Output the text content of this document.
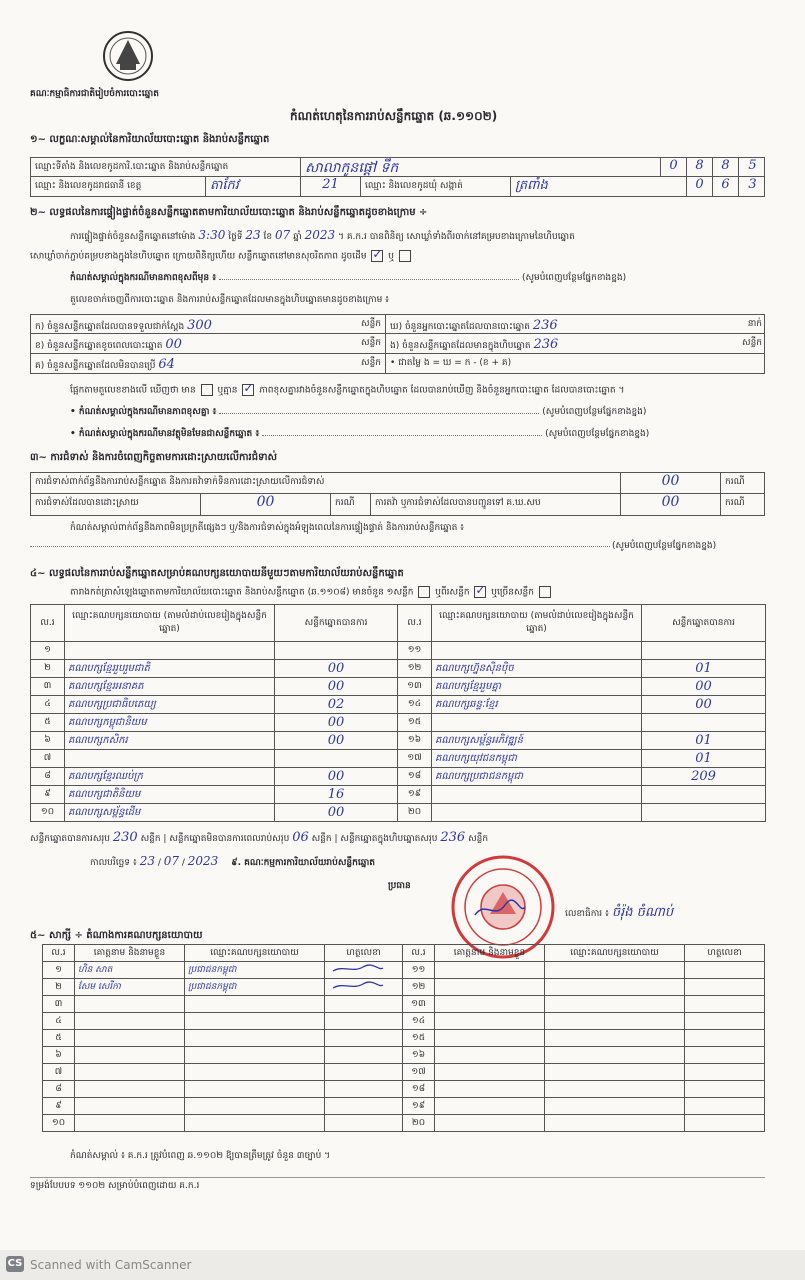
គណៈកម្មាធិការជាតិរៀបចំការបោះឆ្នោត
កំណត់ហេតុនៃការរាប់សន្លឹកឆ្នោត (ឆ.១១០២)
១~ លក្ខណៈសម្គាល់នៃការិយាល័យបោះឆ្នោត និងរាប់សន្លឹកឆ្នោត
ឈ្មោះទីតាំង និងលេខកូដការិ.បោះឆ្នោត និងរាប់សន្លឹកឆ្នោត	សាលាកូនផ្តៅ ទឹក	0	8	8	5
ឈ្មោះ និងលេខកូដរាជធានី ខេត្ត	តាកែវ	21	ឈ្មោះ និងលេខកូដឃុំ សង្កាត់	ត្រពាំង	0	6	3
២~ លទ្ធផលនៃការផ្ទៀងផ្ទាត់ចំនួនសន្លឹកឆ្នោតតាមការិយាល័យបោះឆ្នោត និងរាប់សន្លឹកឆ្នោតដូចខាងក្រោម ÷
ការផ្ទៀងផ្ទាត់ចំនួនសន្លឹកឆ្នោតនៅម៉ោង 3:30 ថ្ងៃទី 23 ខែ 07 ឆ្នាំ 2023 ។ គ.ក.រ បានពិនិត្យ សោឃ្លាំទាំងពីរចាក់នៅគម្របខាងក្រោមនៃហិបឆ្នោត
សោឃ្លាំចាក់ភ្ជាប់គម្របខាងក្នុងនៃហិបឆ្នោត ក្រោយពិនិត្យហើយ សន្លឹកឆ្នោតនៅមានសុចរិតភាព ដូចដើម ✓ ឬ
កំណត់សម្គាល់ក្នុងករណីមានភាពខុសពីមុន ៖	(សូមបំពេញបន្ថែមផ្នែកខាងខ្នង)
តួលេខចាក់ចេញពីការបោះឆ្នោត និងការរាប់សន្លឹកឆ្នោតដែលមានក្នុងហិបឆ្នោតមានដូចខាងក្រោម ៖
ក) ចំនួនសន្លឹកឆ្នោតដែលបានទទួលជាក់ស្តែង 300	សន្លឹក	ឃ) ចំនួនអ្នកបោះឆ្នោតដែលបានបោះឆ្នោត 236	នាក់
ខ) ចំនួនសន្លឹកឆ្នោតខូចពេលបោះឆ្នោត 00	សន្លឹក	ង) ចំនួនសន្លឹកឆ្នោតដែលមានក្នុងហិបឆ្នោត 236	សន្លឹក
គ) ចំនួនសន្លឹកឆ្នោតដែលមិនបានប្រើ 64	សន្លឹក	• ជាតម្លៃ ង = ឃ = ក - (ខ + គ)
ផ្អែកតាមតួលេខខាងលើ ឃើញថា មាន ឬគ្មាន ✓ ភាពខុសគ្នារវាងចំនួនសន្លឹកឆ្នោតក្នុងហិបឆ្នោត ដែលបានរាប់ឃើញ និងចំនួនអ្នកបោះឆ្នោត ដែលបានបោះឆ្នោត ។
• កំណត់សម្គាល់ក្នុងករណីមានភាពខុសគ្នា ៖	(សូមបំពេញបន្ថែមផ្នែកខាងខ្នង)
• កំណត់សម្គាល់ក្នុងករណីមានវត្ថុមិនមែនជាសន្លឹកឆ្នោត ៖	(សូមបំពេញបន្ថែមផ្នែកខាងខ្នង)
៣~ ការជំទាស់ និងការចំពេញកិច្ចតាមការដោះស្រាយលើការជំទាស់
ការជំទាស់ពាក់ព័ន្ធនឹងការរាប់សន្លឹកឆ្នោត និងការតវ៉ាទាក់ទិនការដោះស្រាយលើការជំទាស់	00	ករណី
ការជំទាស់ដែលបានដោះស្រាយ	00	ករណី	ការតវ៉ា ឬការជំទាស់ដែលបានបញ្ជូនទៅ គ.ឃ.សប	00	ករណី
កំណត់សម្គាល់ពាក់ព័ន្ធនឹងភាពមិនប្រក្រតីផ្សេងៗ ឬ/និងការជំទាស់ក្នុងអំឡុងពេលនៃការផ្ទៀងផ្ទាត់ និងការរាប់សន្លឹកឆ្នោត ៖
(សូមបំពេញបន្ថែមផ្នែកខាងខ្នង)
៤~ លទ្ធផលនៃការរាប់សន្លឹកឆ្នោតសម្រាប់គណបក្សនយោបាយនីមួយៗតាមការិយាល័យរាប់សន្លឹកឆ្នោត
តារាងកត់ត្រាសំឡេងឆ្នោតតាមការិយាល័យបោះឆ្នោត និងរាប់សន្លឹកឆ្នោត (ឆ.១១០៨) មានចំនួន ១សន្លឹក ឬពីរសន្លឹក ✓ ឬច្រើនសន្លឹក
ល.រ	ឈ្មោះគណបក្សនយោបាយ (តាមលំដាប់លេខរៀងក្នុងសន្លឹកឆ្នោត)	សន្លឹកឆ្នោតបានការ	ល.រ	ឈ្មោះគណបក្សនយោបាយ (តាមលំដាប់លេខរៀងក្នុងសន្លឹកឆ្នោត)	សន្លឹកឆ្នោតបានការ
១			១១		
២	គណបក្សខ្មែររួបរួមជាតិ	00	១២	គណបក្សហ្វ៊ុនស៊ិនប៉ិច	01
៣	គណបក្សខ្មែរអនាគត	00	១៣	គណបក្សខ្មែររួមគ្នា	00
៤	គណបក្សប្រជាធិបតេយ្យ	02	១៤	គណបក្សឆន្ទៈខ្មែរ	00
៥	គណបក្សកម្ពុជានិយម	00	១៥		
៦	គណបក្សកសិករ	00	១៦	គណបក្សសម្ព័ន្ធអភិវឌ្ឍន៍	01
៧			១៧	គណបក្សយុវជនកម្ពុជា	01
៨	គណបក្សខ្មែរឈប់ក្រ	00	១៨	គណបក្សប្រជាជនកម្ពុជា	209
៩	គណបក្សជាតិនិយម	16	១៩		
១០	គណបក្សសម្ព័ន្ធដើម	00	២០		
សន្លឹកឆ្នោតបានការសរុប 230 សន្លឹក | សន្លឹកឆ្នោតមិនបានការពេលរាប់សរុប 06 សន្លឹក | សន្លឹកឆ្នោតក្នុងហិបឆ្នោតសរុប 236 សន្លឹក
កាលបរិច្ឆេទ ៖ 23 / 07 / 2023 ៩. គណៈកម្មការការិយាល័យរាប់សន្លឹកឆ្នោត
ប្រធាន
លេខាធិការ ៖ ចំរ៉ុង ចំណាប់
៥~ សាក្សី ÷ តំណាងការគណបក្សនយោបាយ
ល.រ	គោត្តនាម និងនាមខ្លួន	ឈ្មោះគណបក្សនយោបាយ	ហត្ថលេខា	ល.រ	គោត្តនាម និងនាមខ្លួន	ឈ្មោះគណបក្សនយោបាយ	ហត្ថលេខា
១	ហិន សាត	ប្រជាជនកម្ពុជា		១១			
២	សែម សេរីកា	ប្រជាជនកម្ពុជា		១២			
៣				១៣			
៤				១៤			
៥				១៥			
៦				១៦			
៧				១៧			
៨				១៨			
៩				១៩			
១០				២០			
កំណត់សម្គាល់ ៖ គ.ក.រ ត្រូវបំពេញ ឆ.១១០២ ឱ្យបានត្រឹមត្រូវ ចំនួន ៣ច្បាប់ ។
ទម្រង់បែបបទ ១១០២ សម្រាប់បំពេញដោយ គ.ក.រ
CS Scanned with CamScanner
